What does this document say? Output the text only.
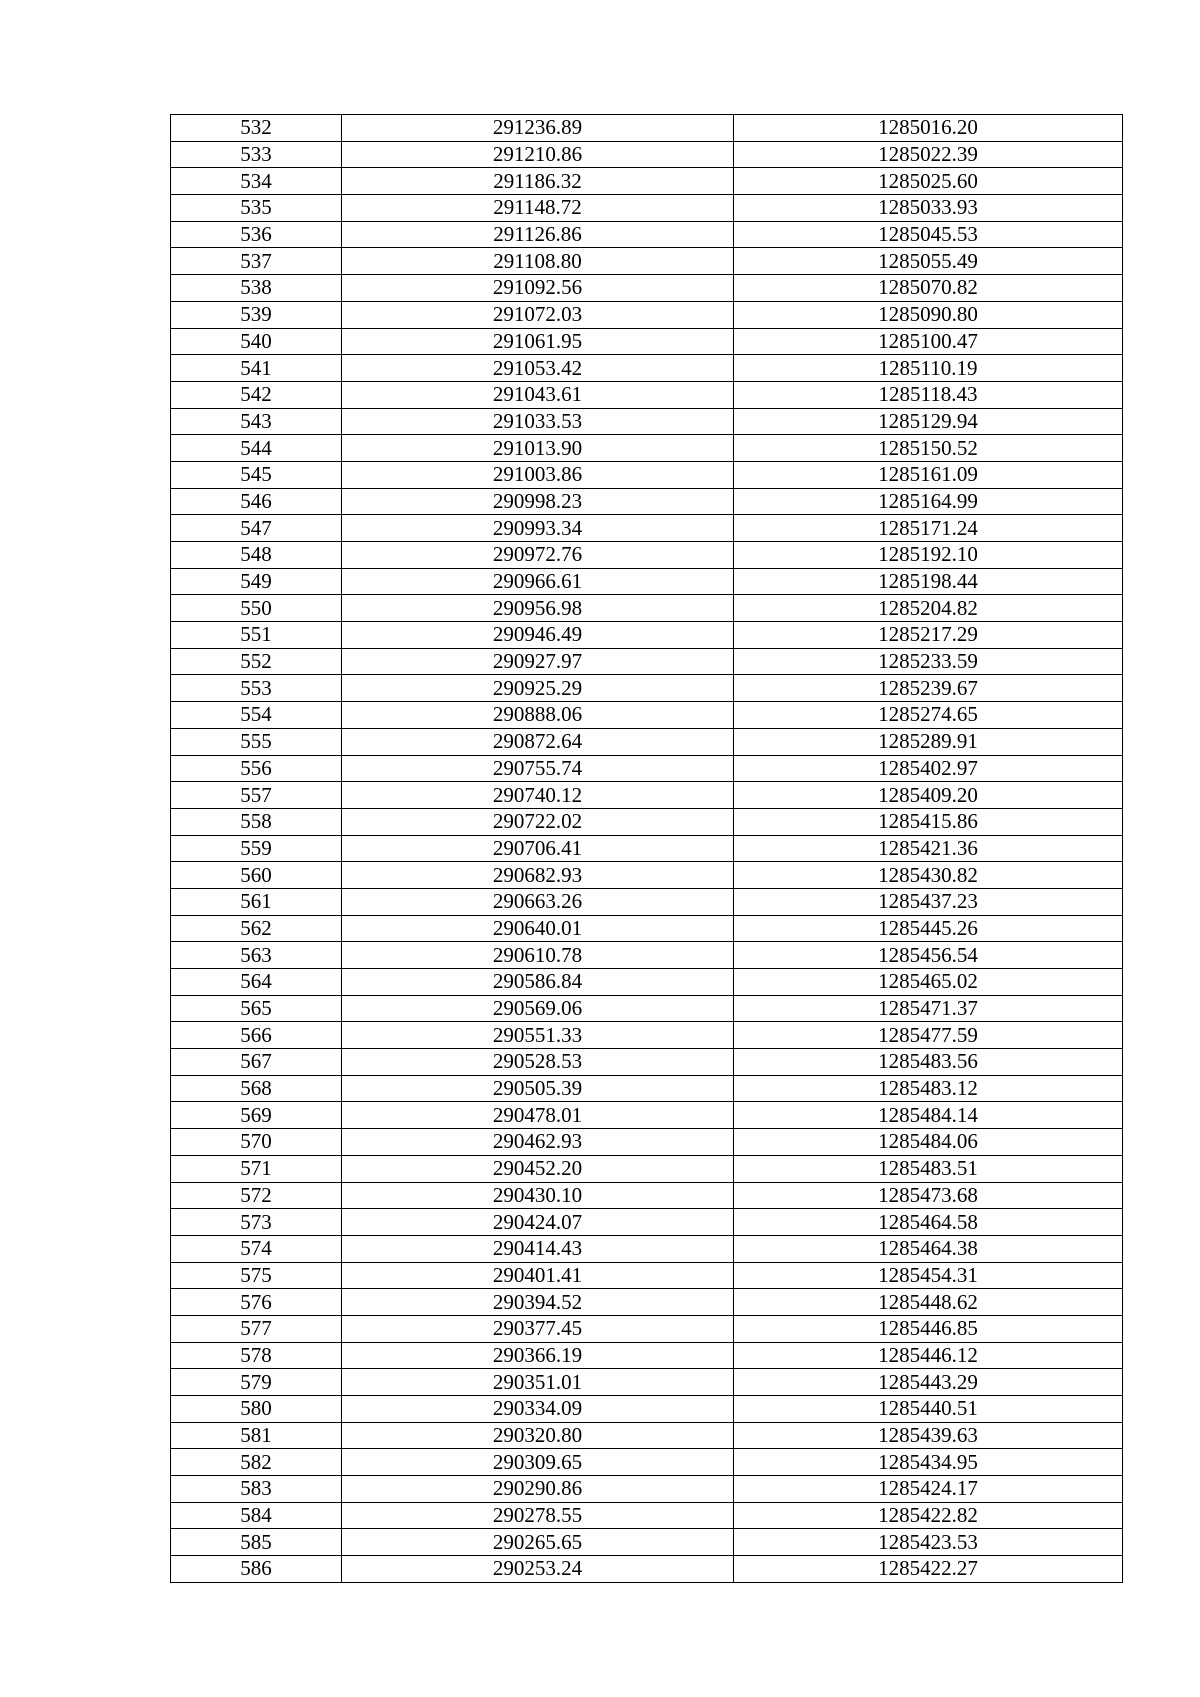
532	291236.89	1285016.20
533	291210.86	1285022.39
534	291186.32	1285025.60
535	291148.72	1285033.93
536	291126.86	1285045.53
537	291108.80	1285055.49
538	291092.56	1285070.82
539	291072.03	1285090.80
540	291061.95	1285100.47
541	291053.42	1285110.19
542	291043.61	1285118.43
543	291033.53	1285129.94
544	291013.90	1285150.52
545	291003.86	1285161.09
546	290998.23	1285164.99
547	290993.34	1285171.24
548	290972.76	1285192.10
549	290966.61	1285198.44
550	290956.98	1285204.82
551	290946.49	1285217.29
552	290927.97	1285233.59
553	290925.29	1285239.67
554	290888.06	1285274.65
555	290872.64	1285289.91
556	290755.74	1285402.97
557	290740.12	1285409.20
558	290722.02	1285415.86
559	290706.41	1285421.36
560	290682.93	1285430.82
561	290663.26	1285437.23
562	290640.01	1285445.26
563	290610.78	1285456.54
564	290586.84	1285465.02
565	290569.06	1285471.37
566	290551.33	1285477.59
567	290528.53	1285483.56
568	290505.39	1285483.12
569	290478.01	1285484.14
570	290462.93	1285484.06
571	290452.20	1285483.51
572	290430.10	1285473.68
573	290424.07	1285464.58
574	290414.43	1285464.38
575	290401.41	1285454.31
576	290394.52	1285448.62
577	290377.45	1285446.85
578	290366.19	1285446.12
579	290351.01	1285443.29
580	290334.09	1285440.51
581	290320.80	1285439.63
582	290309.65	1285434.95
583	290290.86	1285424.17
584	290278.55	1285422.82
585	290265.65	1285423.53
586	290253.24	1285422.27
